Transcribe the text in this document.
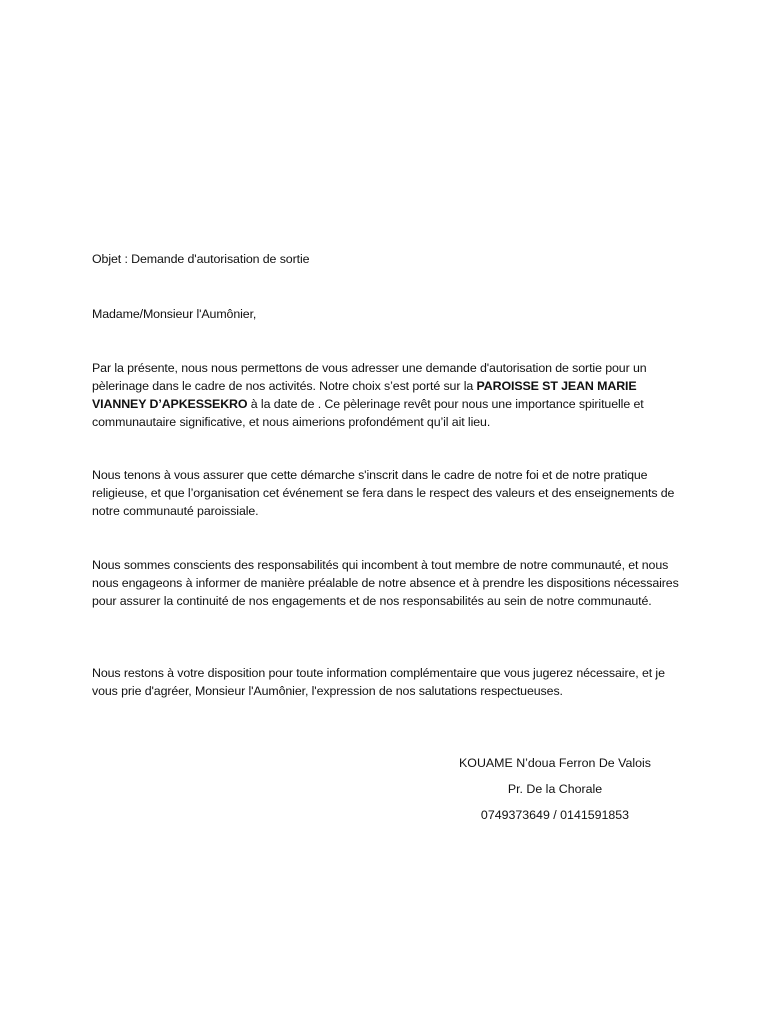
Objet : Demande d'autorisation de sortie
Madame/Monsieur l'Aumônier,
Par la présente, nous nous permettons de vous adresser une demande d'autorisation de sortie pour un pèlerinage dans le cadre de nos activités. Notre choix s’est porté sur la PAROISSE ST JEAN MARIE VIANNEY D’APKESSEKRO à la date de . Ce pèlerinage revêt pour nous une importance spirituelle et communautaire significative, et nous aimerions profondément qu’il ait lieu.
Nous tenons à vous assurer que cette démarche s'inscrit dans le cadre de notre foi et de notre pratique religieuse, et que l’organisation cet événement se fera dans le respect des valeurs et des enseignements de notre communauté paroissiale.
Nous sommes conscients des responsabilités qui incombent à tout membre de notre communauté, et nous nous engageons à informer de manière préalable de notre absence et à prendre les dispositions nécessaires pour assurer la continuité de nos engagements et de nos responsabilités au sein de notre communauté.
Nous restons à votre disposition pour toute information complémentaire que vous jugerez nécessaire, et je vous prie d'agréer, Monsieur l'Aumônier, l'expression de nos salutations respectueuses.
KOUAME N’doua Ferron De Valois
Pr. De la Chorale
0749373649 / 0141591853
